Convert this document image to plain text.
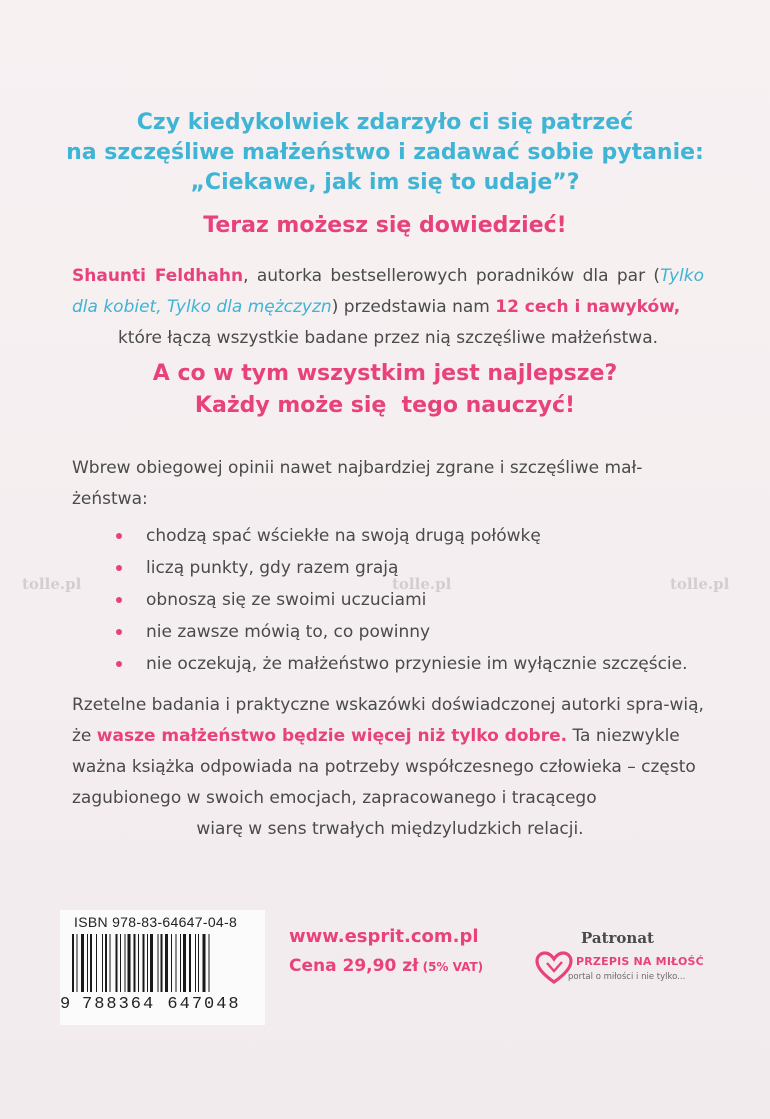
Czy kiedykolwiek zdarzyło ci się patrzeć
na szczęśliwe małżeństwo i zadawać sobie pytanie:
„Ciekawe, jak im się to udaje”?
Teraz możesz się dowiedzieć!
Shaunti Feldhahn, autorka bestsellerowych poradników dla par (Tylko dla kobiet, Tylko dla mężczyzn) przedstawia nam 12 cech i nawyków,
które łączą wszystkie badane przez nią szczęśliwe małżeństwa.
A co w tym wszystkim jest najlepsze?
Każdy może się  tego nauczyć!
Wbrew obiegowej opinii nawet najbardziej zgrane i szczęśliwe mał-żeństwa:
chodzą spać wściekłe na swoją drugą połówkę
liczą punkty, gdy razem grają
obnoszą się ze swoimi uczuciami
nie zawsze mówią to, co powinny
nie oczekują, że małżeństwo przyniesie im wyłącznie szczęście.
tolle.pl	tolle.pl	tolle.pl
Rzetelne badania i praktyczne wskazówki doświadczonej autorki spra-wią, że wasze małżeństwo będzie więcej niż tylko dobre. Ta niezwykle ważna książka odpowiada na potrzeby współczesnego człowieka – często zagubionego w swoich emocjach, zapracowanego i tracącego
wiarę w sens trwałych międzyludzkich relacji.
ISBN 978-83-64647-04-8
9 788364 647048
www.esprit.com.pl
Cena 29,90 zł (5% VAT)
Patronat
PRZEPIS NA MIŁOŚĆ
portal o miłości i nie tylko...
